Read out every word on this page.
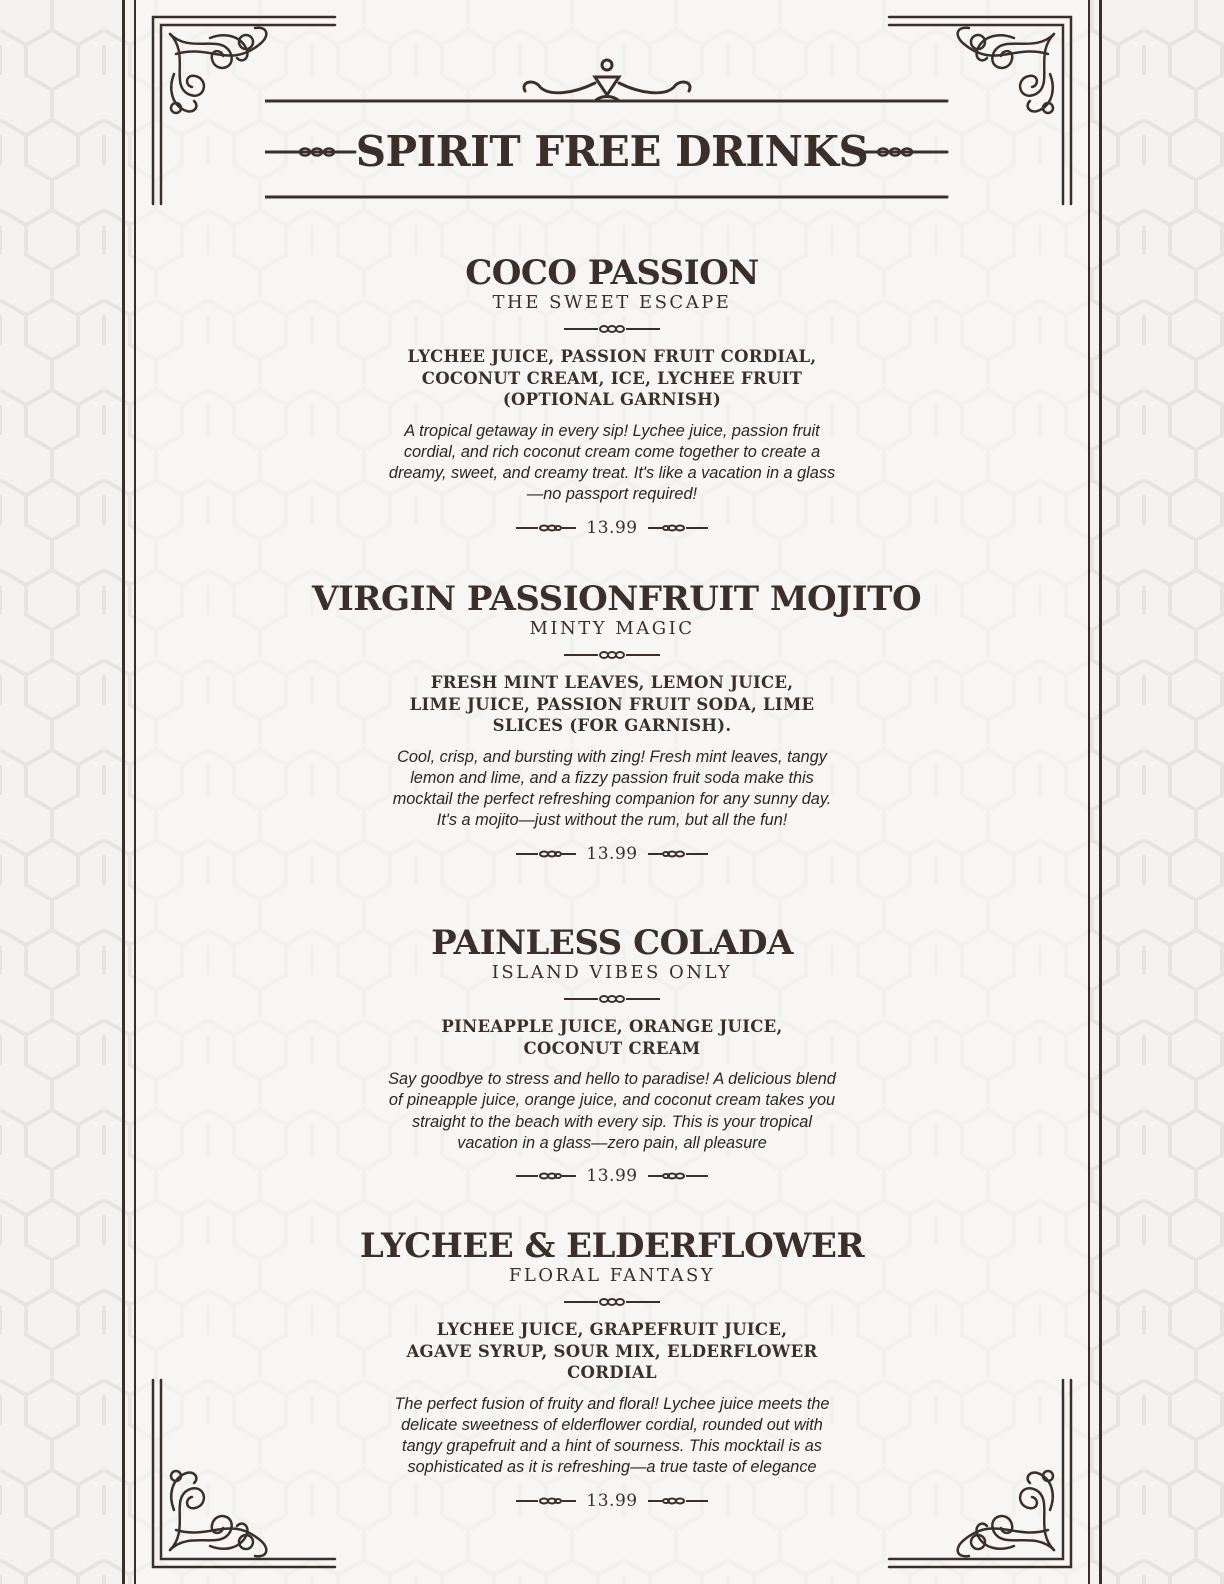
SPIRIT FREE DRINKS
COCO PASSION
THE SWEET ESCAPE
LYCHEE JUICE, PASSION FRUIT CORDIAL, COCONUT CREAM, ICE, LYCHEE FRUIT (OPTIONAL GARNISH)
A tropical getaway in every sip! Lychee juice, passion fruit cordial, and rich coconut cream come together to create a dreamy, sweet, and creamy treat. It's like a vacation in a glass—no passport required!
13.99
VIRGIN PASSIONFRUIT MOJITO
MINTY MAGIC
FRESH MINT LEAVES, LEMON JUICE, LIME JUICE, PASSION FRUIT SODA, LIME SLICES (FOR GARNISH).
Cool, crisp, and bursting with zing! Fresh mint leaves, tangy lemon and lime, and a fizzy passion fruit soda make this mocktail the perfect refreshing companion for any sunny day. It's a mojito—just without the rum, but all the fun!
13.99
PAINLESS COLADA
ISLAND VIBES ONLY
PINEAPPLE JUICE, ORANGE JUICE, COCONUT CREAM
Say goodbye to stress and hello to paradise! A delicious blend of pineapple juice, orange juice, and coconut cream takes you straight to the beach with every sip. This is your tropical vacation in a glass—zero pain, all pleasure
13.99
LYCHEE & ELDERFLOWER
FLORAL FANTASY
LYCHEE JUICE, GRAPEFRUIT JUICE, AGAVE SYRUP, SOUR MIX, ELDERFLOWER CORDIAL
The perfect fusion of fruity and floral! Lychee juice meets the delicate sweetness of elderflower cordial, rounded out with tangy grapefruit and a hint of sourness. This mocktail is as sophisticated as it is refreshing—a true taste of elegance
13.99
